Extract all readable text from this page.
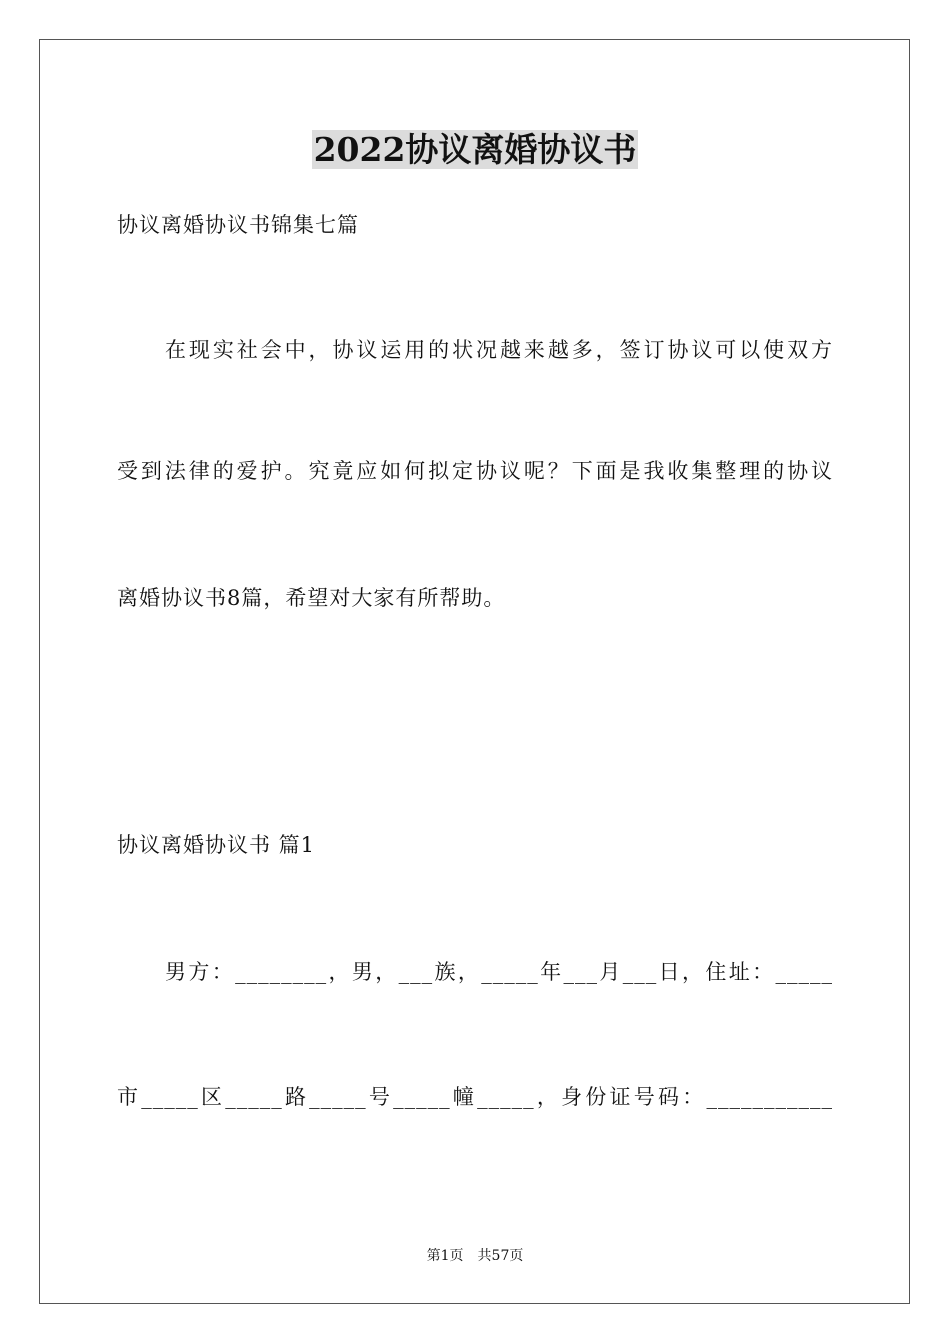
2022协议离婚协议书
协议离婚协议书锦集七篇
在现实社会中，协议运用的状况越来越多，签订协议可以使双方
受到法律的爱护。究竟应如何拟定协议呢？下面是我收集整理的协议
离婚协议书8篇，希望对大家有所帮助。
协议离婚协议书 篇1
男方：________，男，___族，_____年___月___日，住址：_____
市_____区_____路_____号_____幢_____，身份证号码：___________
第1页 共57页
